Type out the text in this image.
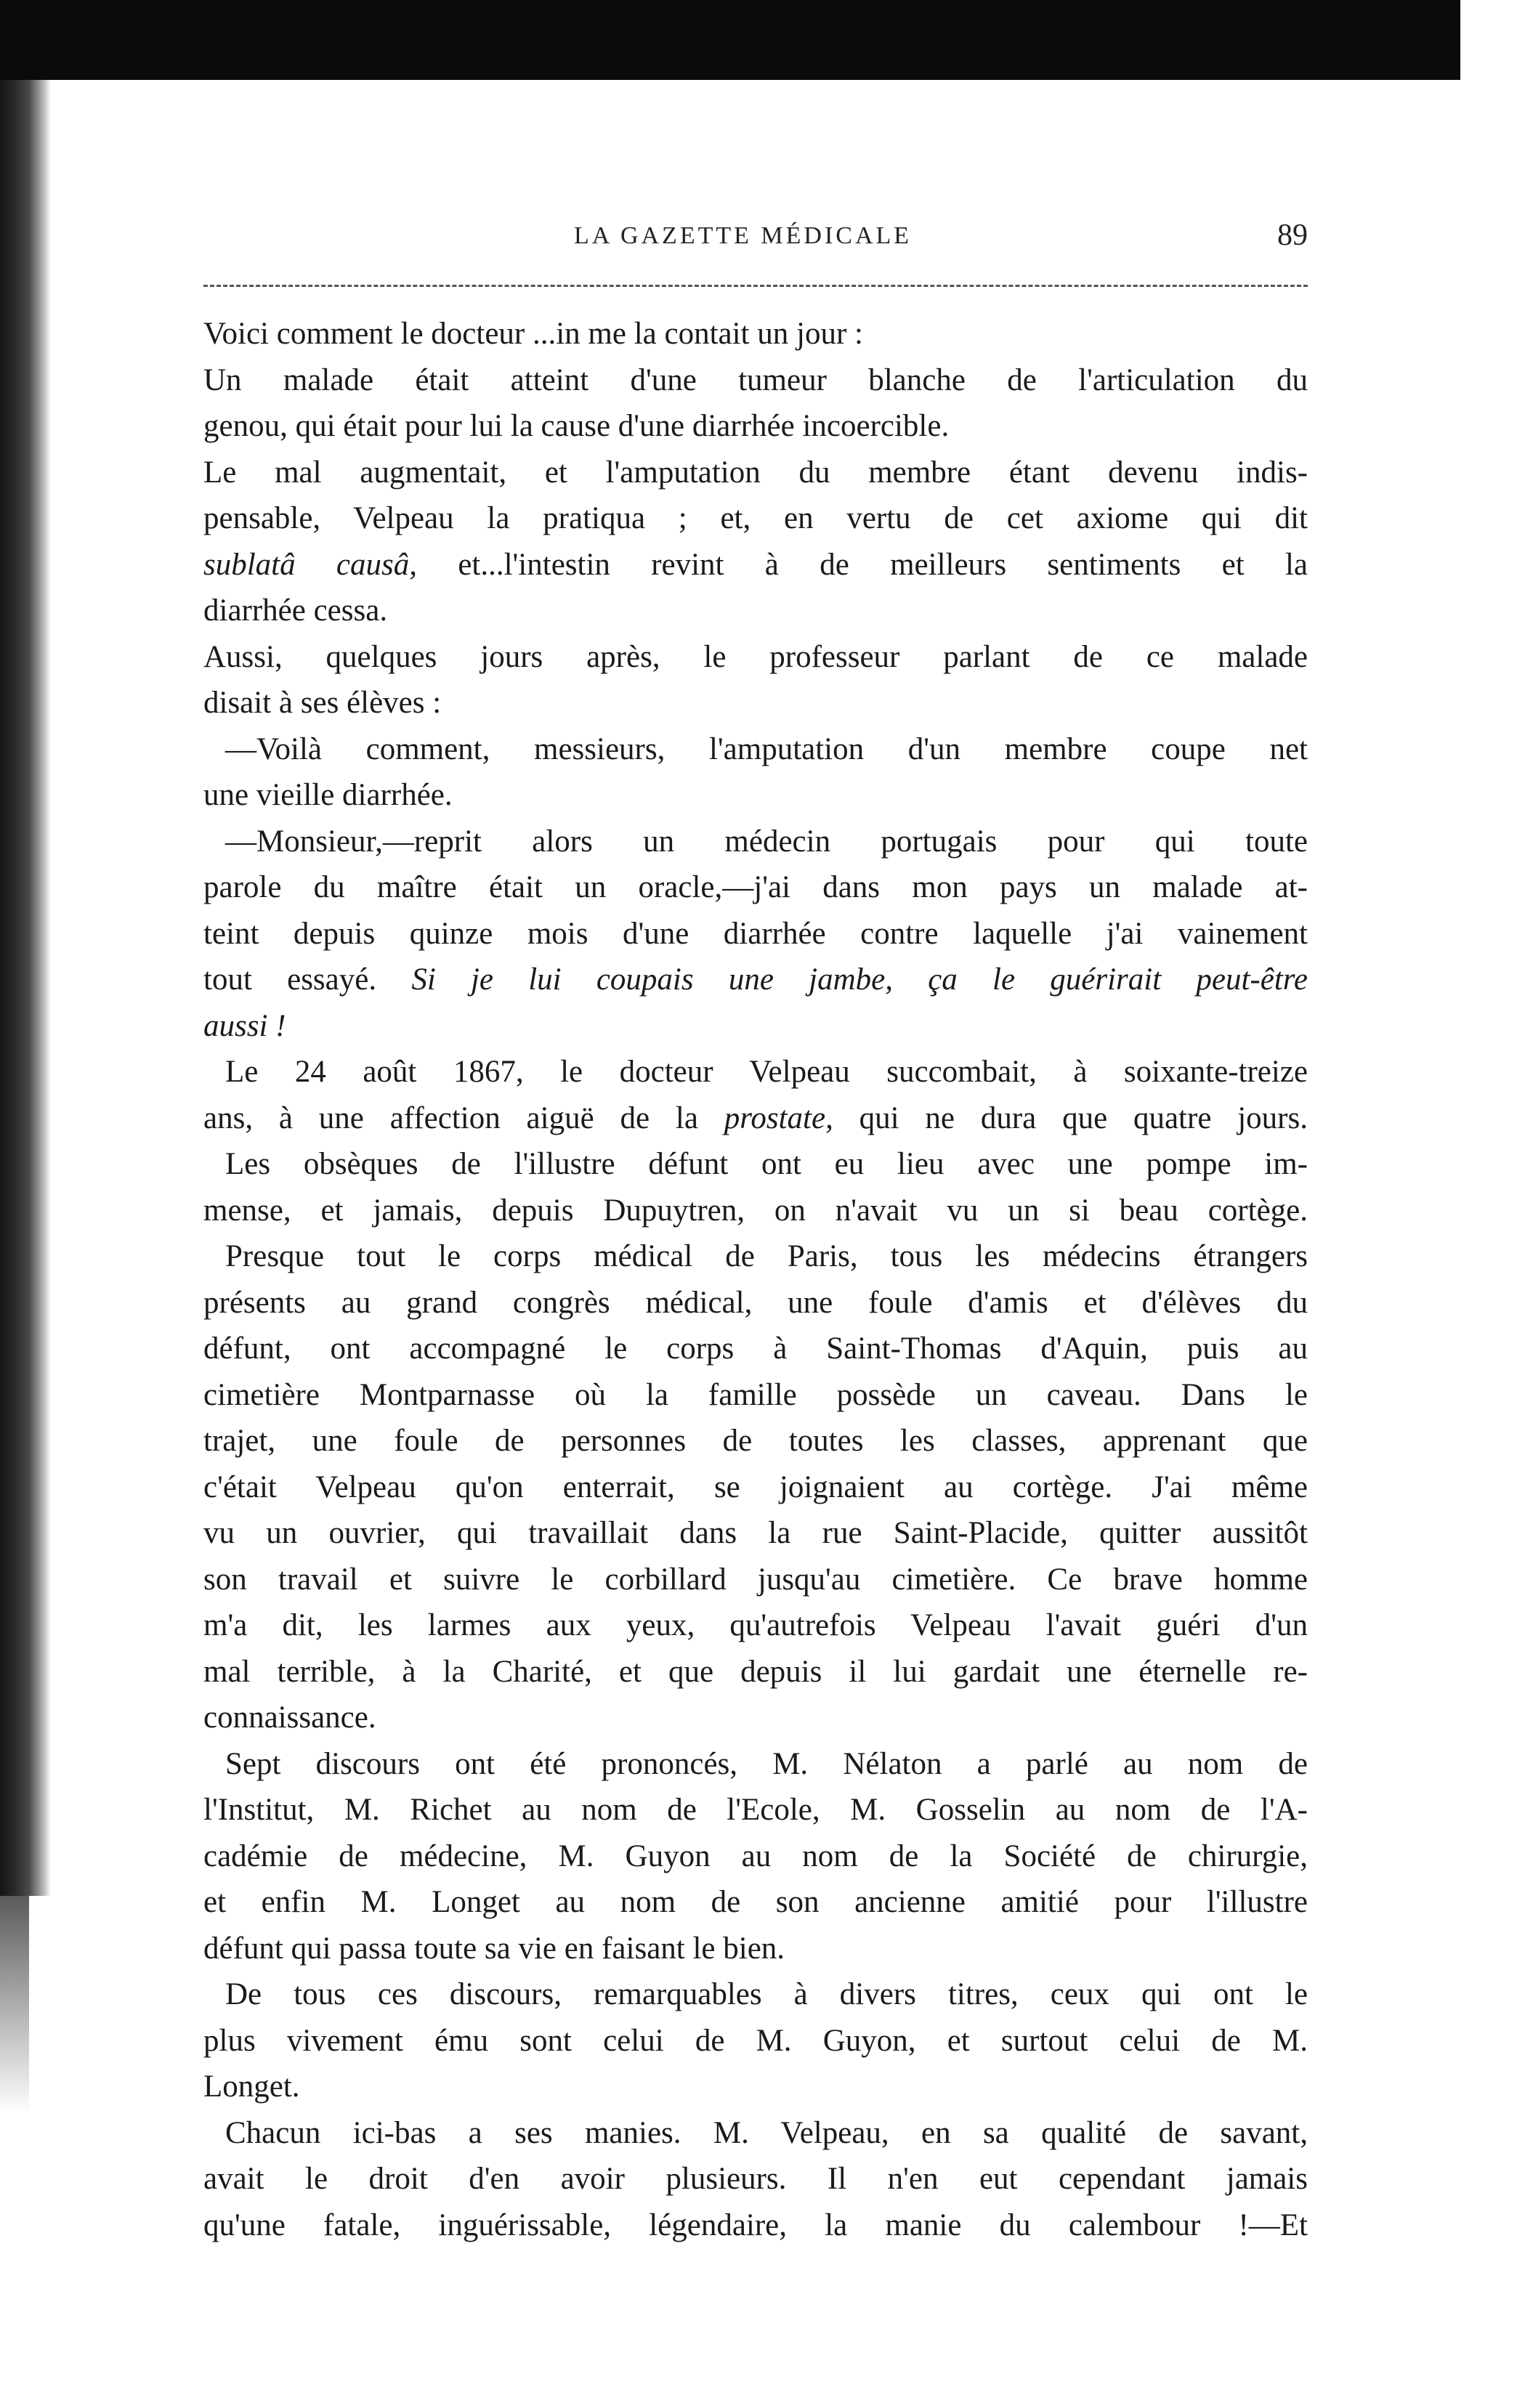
LA GAZETTE MÉDICALE	89
Voici comment le docteur ...in me la contait un jour :
Un malade était atteint d'une tumeur blanche de l'articulation du
genou, qui était pour lui la cause d'une diarrhée incoercible.
Le mal augmentait, et l'amputation du membre étant devenu indis-
pensable, Velpeau la pratiqua ; et, en vertu de cet axiome qui dit
sublatâ causâ, et...l'intestin revint à de meilleurs sentiments et la
diarrhée cessa.
Aussi, quelques jours après, le professeur parlant de ce malade
disait à ses élèves :
—Voilà comment, messieurs, l'amputation d'un membre coupe net
une vieille diarrhée.
—Monsieur,—reprit alors un médecin portugais pour qui toute
parole du maître était un oracle,—j'ai dans mon pays un malade at-
teint depuis quinze mois d'une diarrhée contre laquelle j'ai vainement
tout essayé. Si je lui coupais une jambe, ça le guérirait peut-être
aussi !
Le 24 août 1867, le docteur Velpeau succombait, à soixante-treize
ans, à une affection aiguë de la prostate, qui ne dura que quatre jours.
Les obsèques de l'illustre défunt ont eu lieu avec une pompe im-
mense, et jamais, depuis Dupuytren, on n'avait vu un si beau cortège.
Presque tout le corps médical de Paris, tous les médecins étrangers
présents au grand congrès médical, une foule d'amis et d'élèves du
défunt, ont accompagné le corps à Saint-Thomas d'Aquin, puis au
cimetière Montparnasse où la famille possède un caveau. Dans le
trajet, une foule de personnes de toutes les classes, apprenant que
c'était Velpeau qu'on enterrait, se joignaient au cortège. J'ai même
vu un ouvrier, qui travaillait dans la rue Saint-Placide, quitter aussitôt
son travail et suivre le corbillard jusqu'au cimetière. Ce brave homme
m'a dit, les larmes aux yeux, qu'autrefois Velpeau l'avait guéri d'un
mal terrible, à la Charité, et que depuis il lui gardait une éternelle re-
connaissance.
Sept discours ont été prononcés, M. Nélaton a parlé au nom de
l'Institut, M. Richet au nom de l'Ecole, M. Gosselin au nom de l'A-
cadémie de médecine, M. Guyon au nom de la Société de chirurgie,
et enfin M. Longet au nom de son ancienne amitié pour l'illustre
défunt qui passa toute sa vie en faisant le bien.
De tous ces discours, remarquables à divers titres, ceux qui ont le
plus vivement ému sont celui de M. Guyon, et surtout celui de M.
Longet.
Chacun ici-bas a ses manies. M. Velpeau, en sa qualité de savant,
avait le droit d'en avoir plusieurs. Il n'en eut cependant jamais
qu'une fatale, inguérissable, légendaire, la manie du calembour !—Et
